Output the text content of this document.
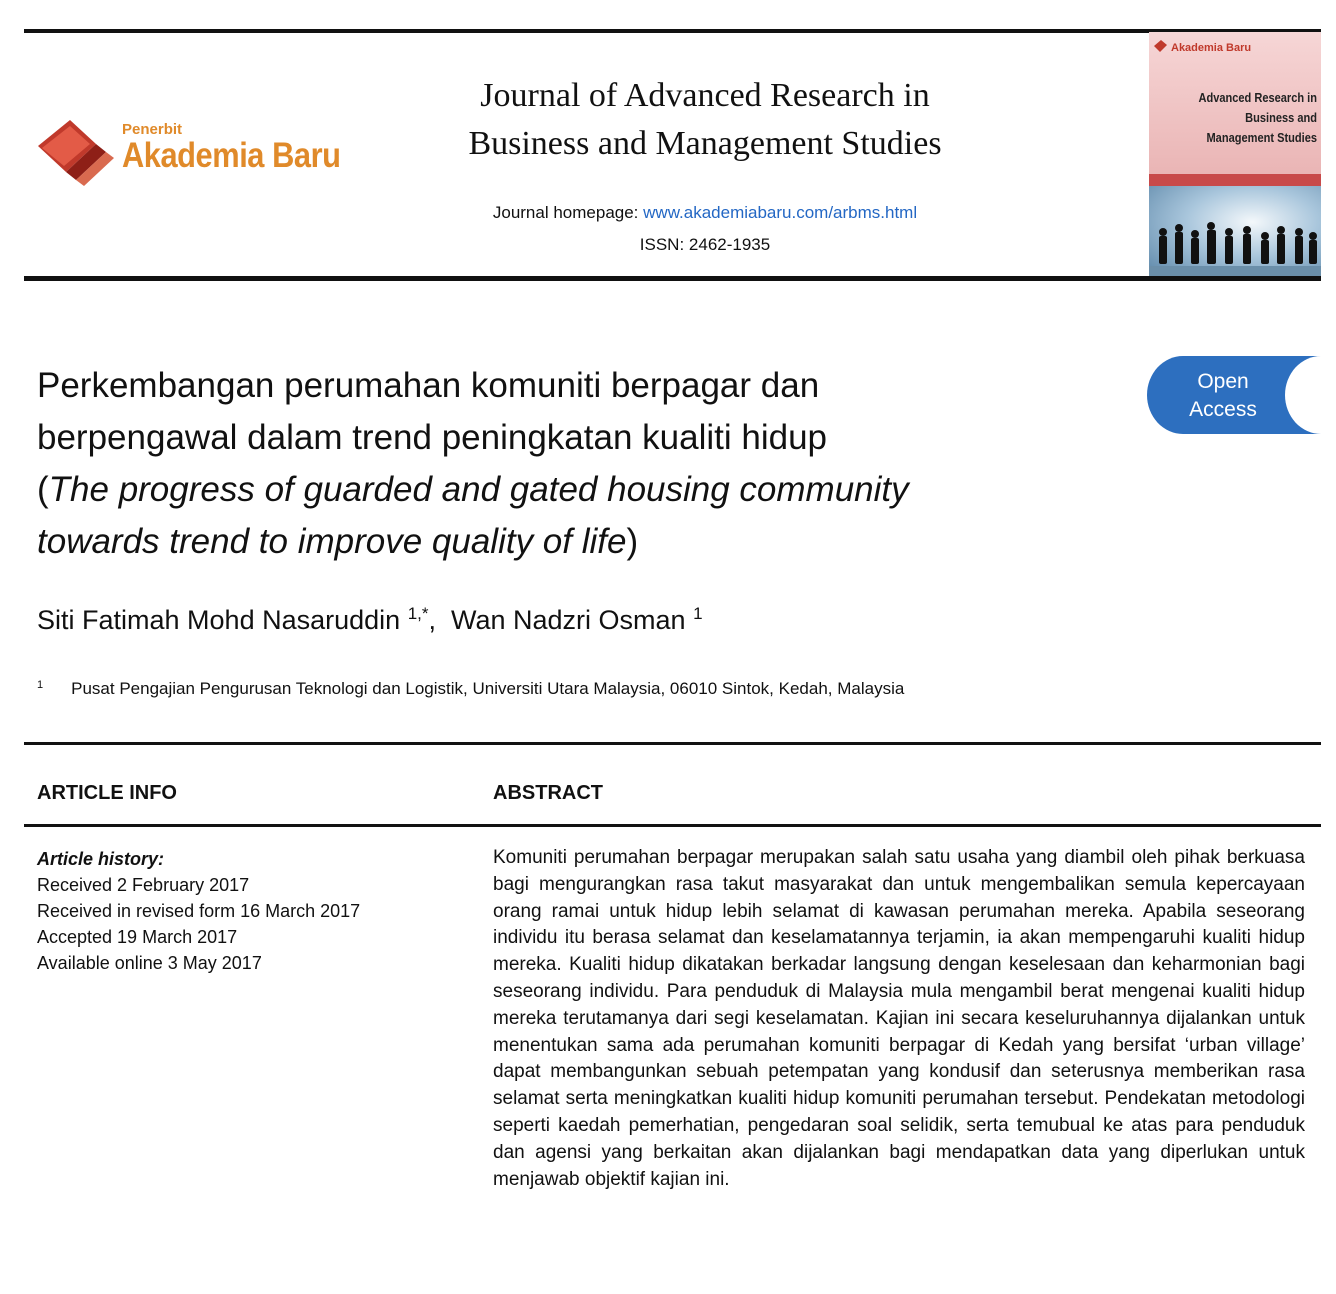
Penerbit
Akademia Baru
Journal of Advanced Research in
Business and Management Studies
Journal homepage: www.akademiabaru.com/arbms.html
ISSN: 2462-1935
Akademia Baru
Advanced Research in
Business and
Management Studies
Open
Access
Perkembangan perumahan komuniti berpagar dan
berpengawal dalam trend peningkatan kualiti hidup
(The progress of guarded and gated housing community
towards trend to improve quality of life)
Siti Fatimah Mohd Nasaruddin $^{1,*}$, Wan Nadzri Osman $^1$
$^1$ Pusat Pengajian Pengurusan Teknologi dan Logistik, Universiti Utara Malaysia, 06010 Sintok, Kedah, Malaysia
ARTICLE INFO	ABSTRACT
Article history:
Received 2 February 2017
Received in revised form 16 March 2017
Accepted 19 March 2017
Available online 3 May 2017

Komuniti perumahan berpagar merupakan salah satu usaha yang diambil oleh pihak berkuasa bagi mengurangkan rasa takut masyarakat dan untuk mengembalikan semula kepercayaan orang ramai untuk hidup lebih selamat di kawasan perumahan mereka. Apabila seseorang individu itu berasa selamat dan keselamatannya terjamin, ia akan mempengaruhi kualiti hidup mereka. Kualiti hidup dikatakan berkadar langsung dengan keselesaan dan keharmonian bagi seseorang individu. Para penduduk di Malaysia mula mengambil berat mengenai kualiti hidup mereka terutamanya dari segi keselamatan. Kajian ini secara keseluruhannya dijalankan untuk menentukan sama ada perumahan komuniti berpagar di Kedah yang bersifat ‘urban village’ dapat membangunkan sebuah petempatan yang kondusif dan seterusnya memberikan rasa selamat serta meningkatkan kualiti hidup komuniti perumahan tersebut. Pendekatan metodologi seperti kaedah pemerhatian, pengedaran soal selidik, serta temubual ke atas para penduduk dan agensi yang berkaitan akan dijalankan bagi mendapatkan data yang diperlukan untuk menjawab objektif kajian ini.
